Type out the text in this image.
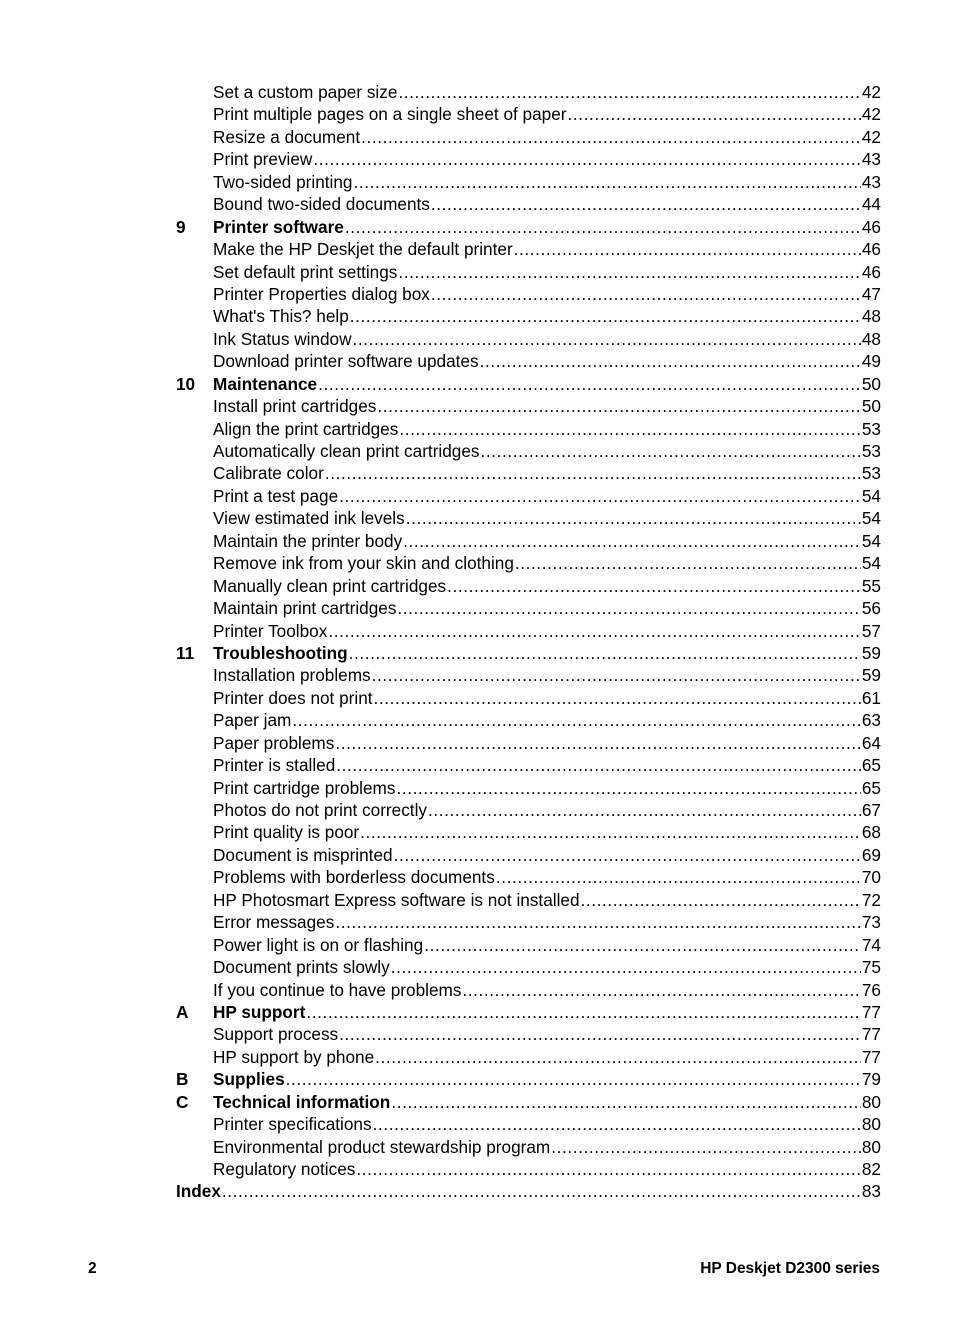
Set a custom paper size .....	42
Print multiple pages on a single sheet of paper .....	42
Resize a document .....	42
Print preview .....	43
Two-sided printing .....	43
Bound two-sided documents .....	44
9 Printer software .....	46
Make the HP Deskjet the default printer .....	46
Set default print settings .....	46
Printer Properties dialog box .....	47
What's This? help .....	48
Ink Status window .....	48
Download printer software updates .....	49
10 Maintenance .....	50
Install print cartridges .....	50
Align the print cartridges .....	53
Automatically clean print cartridges .....	53
Calibrate color .....	53
Print a test page .....	54
View estimated ink levels .....	54
Maintain the printer body .....	54
Remove ink from your skin and clothing .....	54
Manually clean print cartridges .....	55
Maintain print cartridges .....	56
Printer Toolbox .....	57
11 Troubleshooting .....	59
Installation problems .....	59
Printer does not print .....	61
Paper jam .....	63
Paper problems .....	64
Printer is stalled .....	65
Print cartridge problems .....	65
Photos do not print correctly .....	67
Print quality is poor .....	68
Document is misprinted .....	69
Problems with borderless documents .....	70
HP Photosmart Express software is not installed .....	72
Error messages .....	73
Power light is on or flashing .....	74
Document prints slowly .....	75
If you continue to have problems .....	76
A HP support .....	77
Support process .....	77
HP support by phone .....	77
B Supplies .....	79
C Technical information .....	80
Printer specifications .....	80
Environmental product stewardship program .....	80
Regulatory notices .....	82
Index .....	83
2	HP Deskjet D2300 series
